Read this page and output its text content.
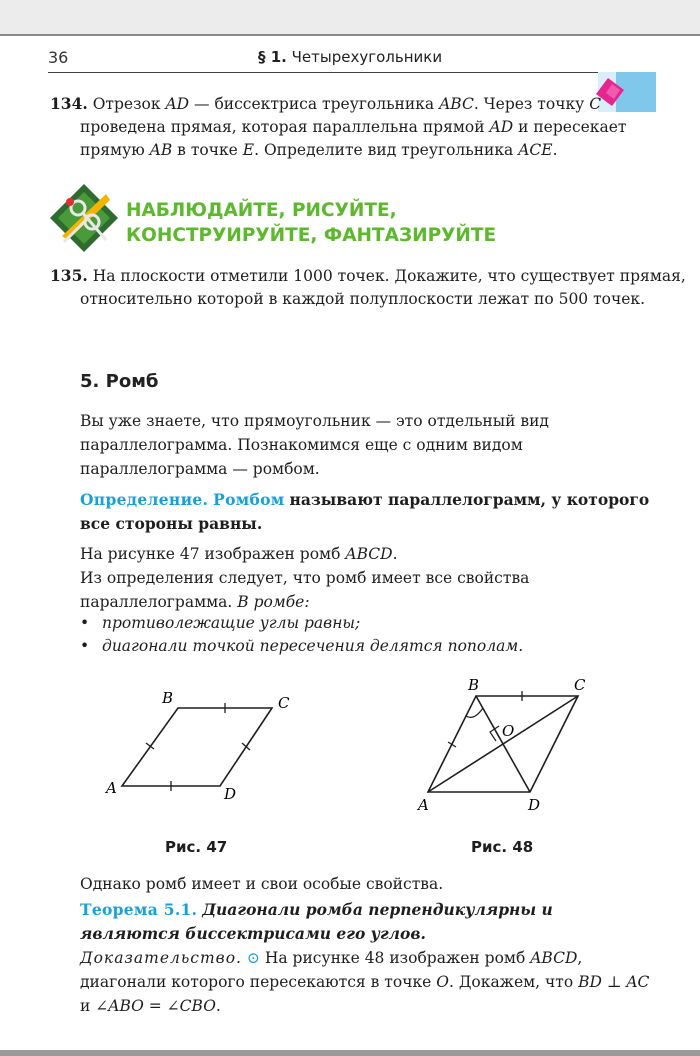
36	§ 1. Четырехугольники
134. Отрезок AD — биссектриса треугольника ABC. Через точку C проведена прямая, которая параллельна прямой AD и пересекает прямую AB в точке E. Определите вид треугольника ACE.
НАБЛЮДАЙТЕ, РИСУЙТЕ,
КОНСТРУИРУЙТЕ, ФАНТАЗИРУЙТЕ
135. На плоскости отметили 1000 точек. Докажите, что существует прямая, относительно которой в каждой полуплоскости лежат по 500 точек.
5. Ромб
Вы уже знаете, что прямоугольник — это отдельный вид параллелограмма. Познакомимся еще с одним видом параллелограмма — ромбом.
Определение. Ромбом называют параллелограмм, у которого все стороны равны.
На рисунке 47 изображен ромб ABCD.
Из определения следует, что ромб имеет все свойства параллелограмма. В ромбе:
• противолежащие углы равны;
• диагонали точкой пересечения делятся пополам.
A
B	C
D
Рис. 47
A
B	C
D
O
Рис. 48
Однако ромб имеет и свои особые свойства.
Теорема 5.1. Диагонали ромба перпендикулярны и являются биссектрисами его углов.
Доказательство. ⊙ На рисунке 48 изображен ромб ABCD, диагонали которого пересекаются в точке O. Докажем, что BD ⊥ AC и ∠ABO = ∠CBO.
